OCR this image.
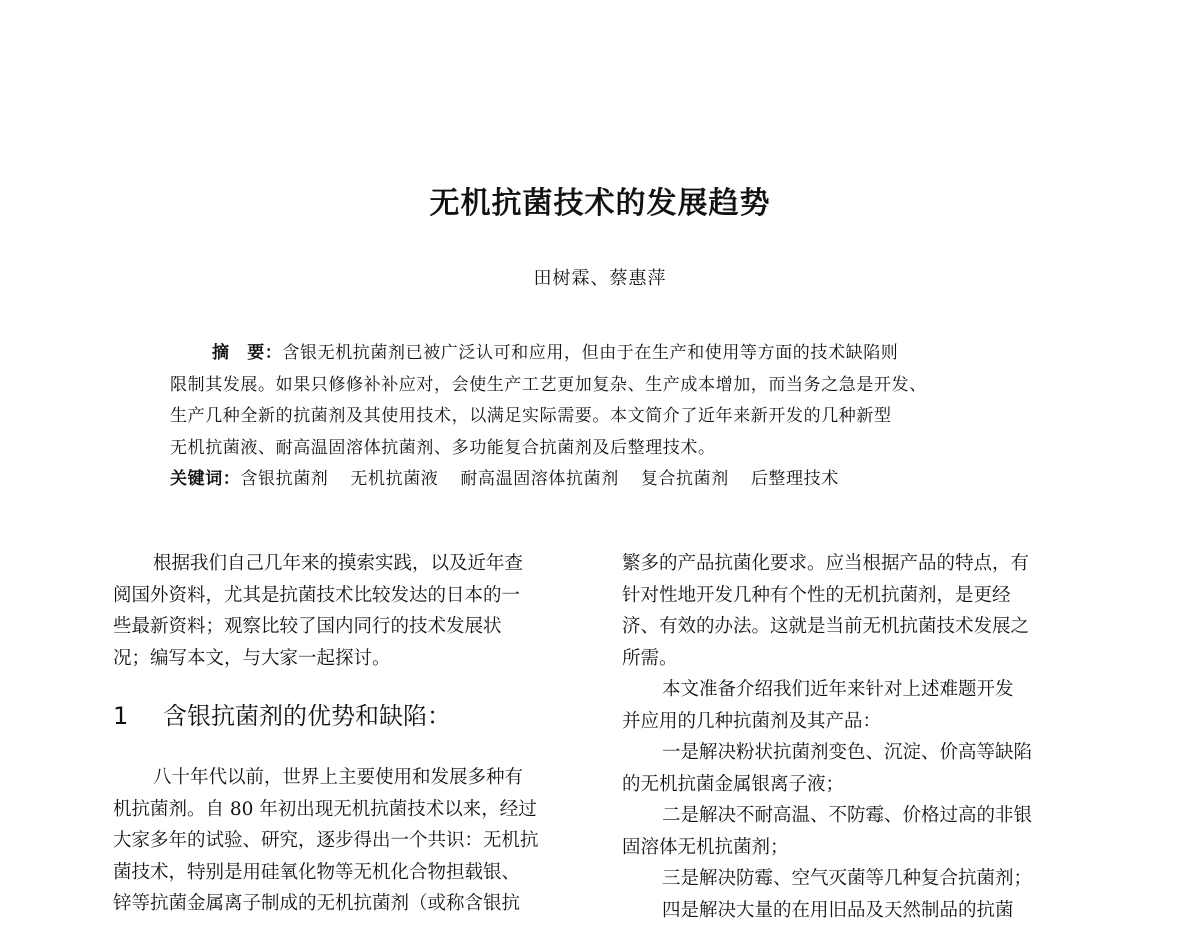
无机抗菌技术的发展趋势
田树霖、蔡惠萍

摘　要：含银无机抗菌剂已被广泛认可和应用，但由于在生产和使用等方面的技术缺陷则

限制其发展。如果只修修补补应对，会使生产工艺更加复杂、生产成本增加，而当务之急是开发、

生产几种全新的抗菌剂及其使用技术，以满足实际需要。本文简介了近年来新开发的几种新型

无机抗菌液、耐高温固溶体抗菌剂、多功能复合抗菌剂及后整理技术。

关键词：含银抗菌剂 无机抗菌液 耐高温固溶体抗菌剂 复合抗菌剂 后整理技术

根据我们自己几年来的摸索实践，以及近年查
阅国外资料，尤其是抗菌技术比较发达的日本的一
些最新资料；观察比较了国内同行的技术发展状
况；编写本文，与大家一起探讨。

1 含银抗菌剂的优势和缺陷：

八十年代以前，世界上主要使用和发展多种有
机抗菌剂。自 80 年初出现无机抗菌技术以来，经过
大家多年的试验、研究，逐步得出一个共识：无机抗
菌技术，特别是用硅氧化物等无机化合物担载银、
锌等抗菌金属离子制成的无机抗菌剂（或称含银抗

繁多的产品抗菌化要求。应当根据产品的特点，有
针对性地开发几种有个性的无机抗菌剂，是更经
济、有效的办法。这就是当前无机抗菌技术发展之
所需。

本文准备介绍我们近年来针对上述难题开发
并应用的几种抗菌剂及其产品：

一是解决粉状抗菌剂变色、沉淀、价高等缺陷
的无机抗菌金属银离子液；

二是解决不耐高温、不防霉、价格过高的非银
固溶体无机抗菌剂；

三是解决防霉、空气灭菌等几种复合抗菌剂；

四是解决大量的在用旧品及天然制品的抗菌
